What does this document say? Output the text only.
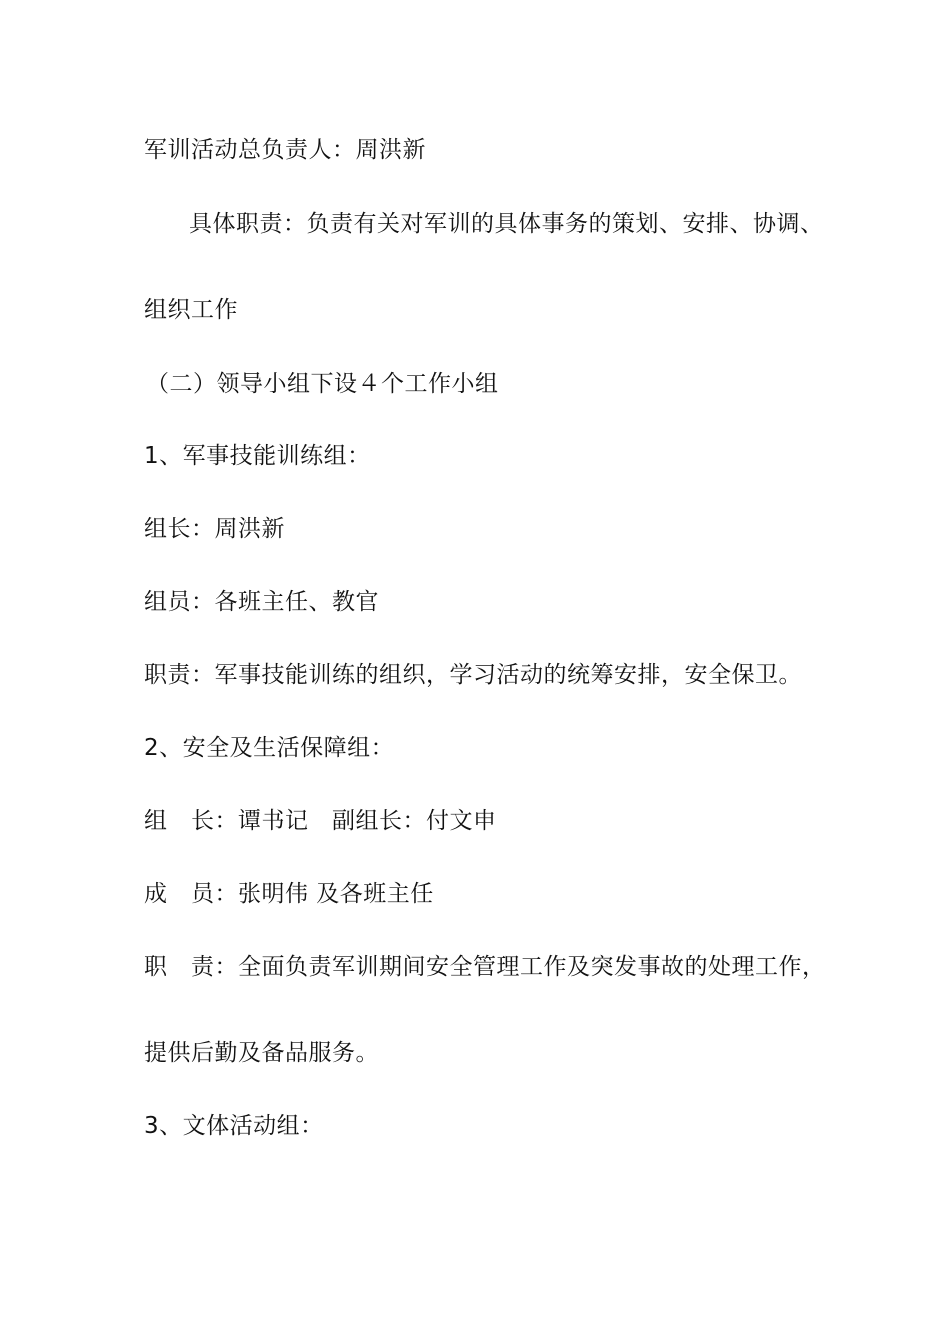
军训活动总负责人：周洪新
具体职责：负责有关对军训的具体事务的策划、安排、协调、
组织工作
（二）领导小组下设４个工作小组
1、军事技能训练组：
组长：周洪新
组员：各班主任、教官
职责：军事技能训练的组织，学习活动的统筹安排，安全保卫。
2、安全及生活保障组：
组　长：谭书记　副组长：付文申
成　员：张明伟 及各班主任
职　责：全面负责军训期间安全管理工作及突发事故的处理工作，
提供后勤及备品服务。
3、文体活动组：
